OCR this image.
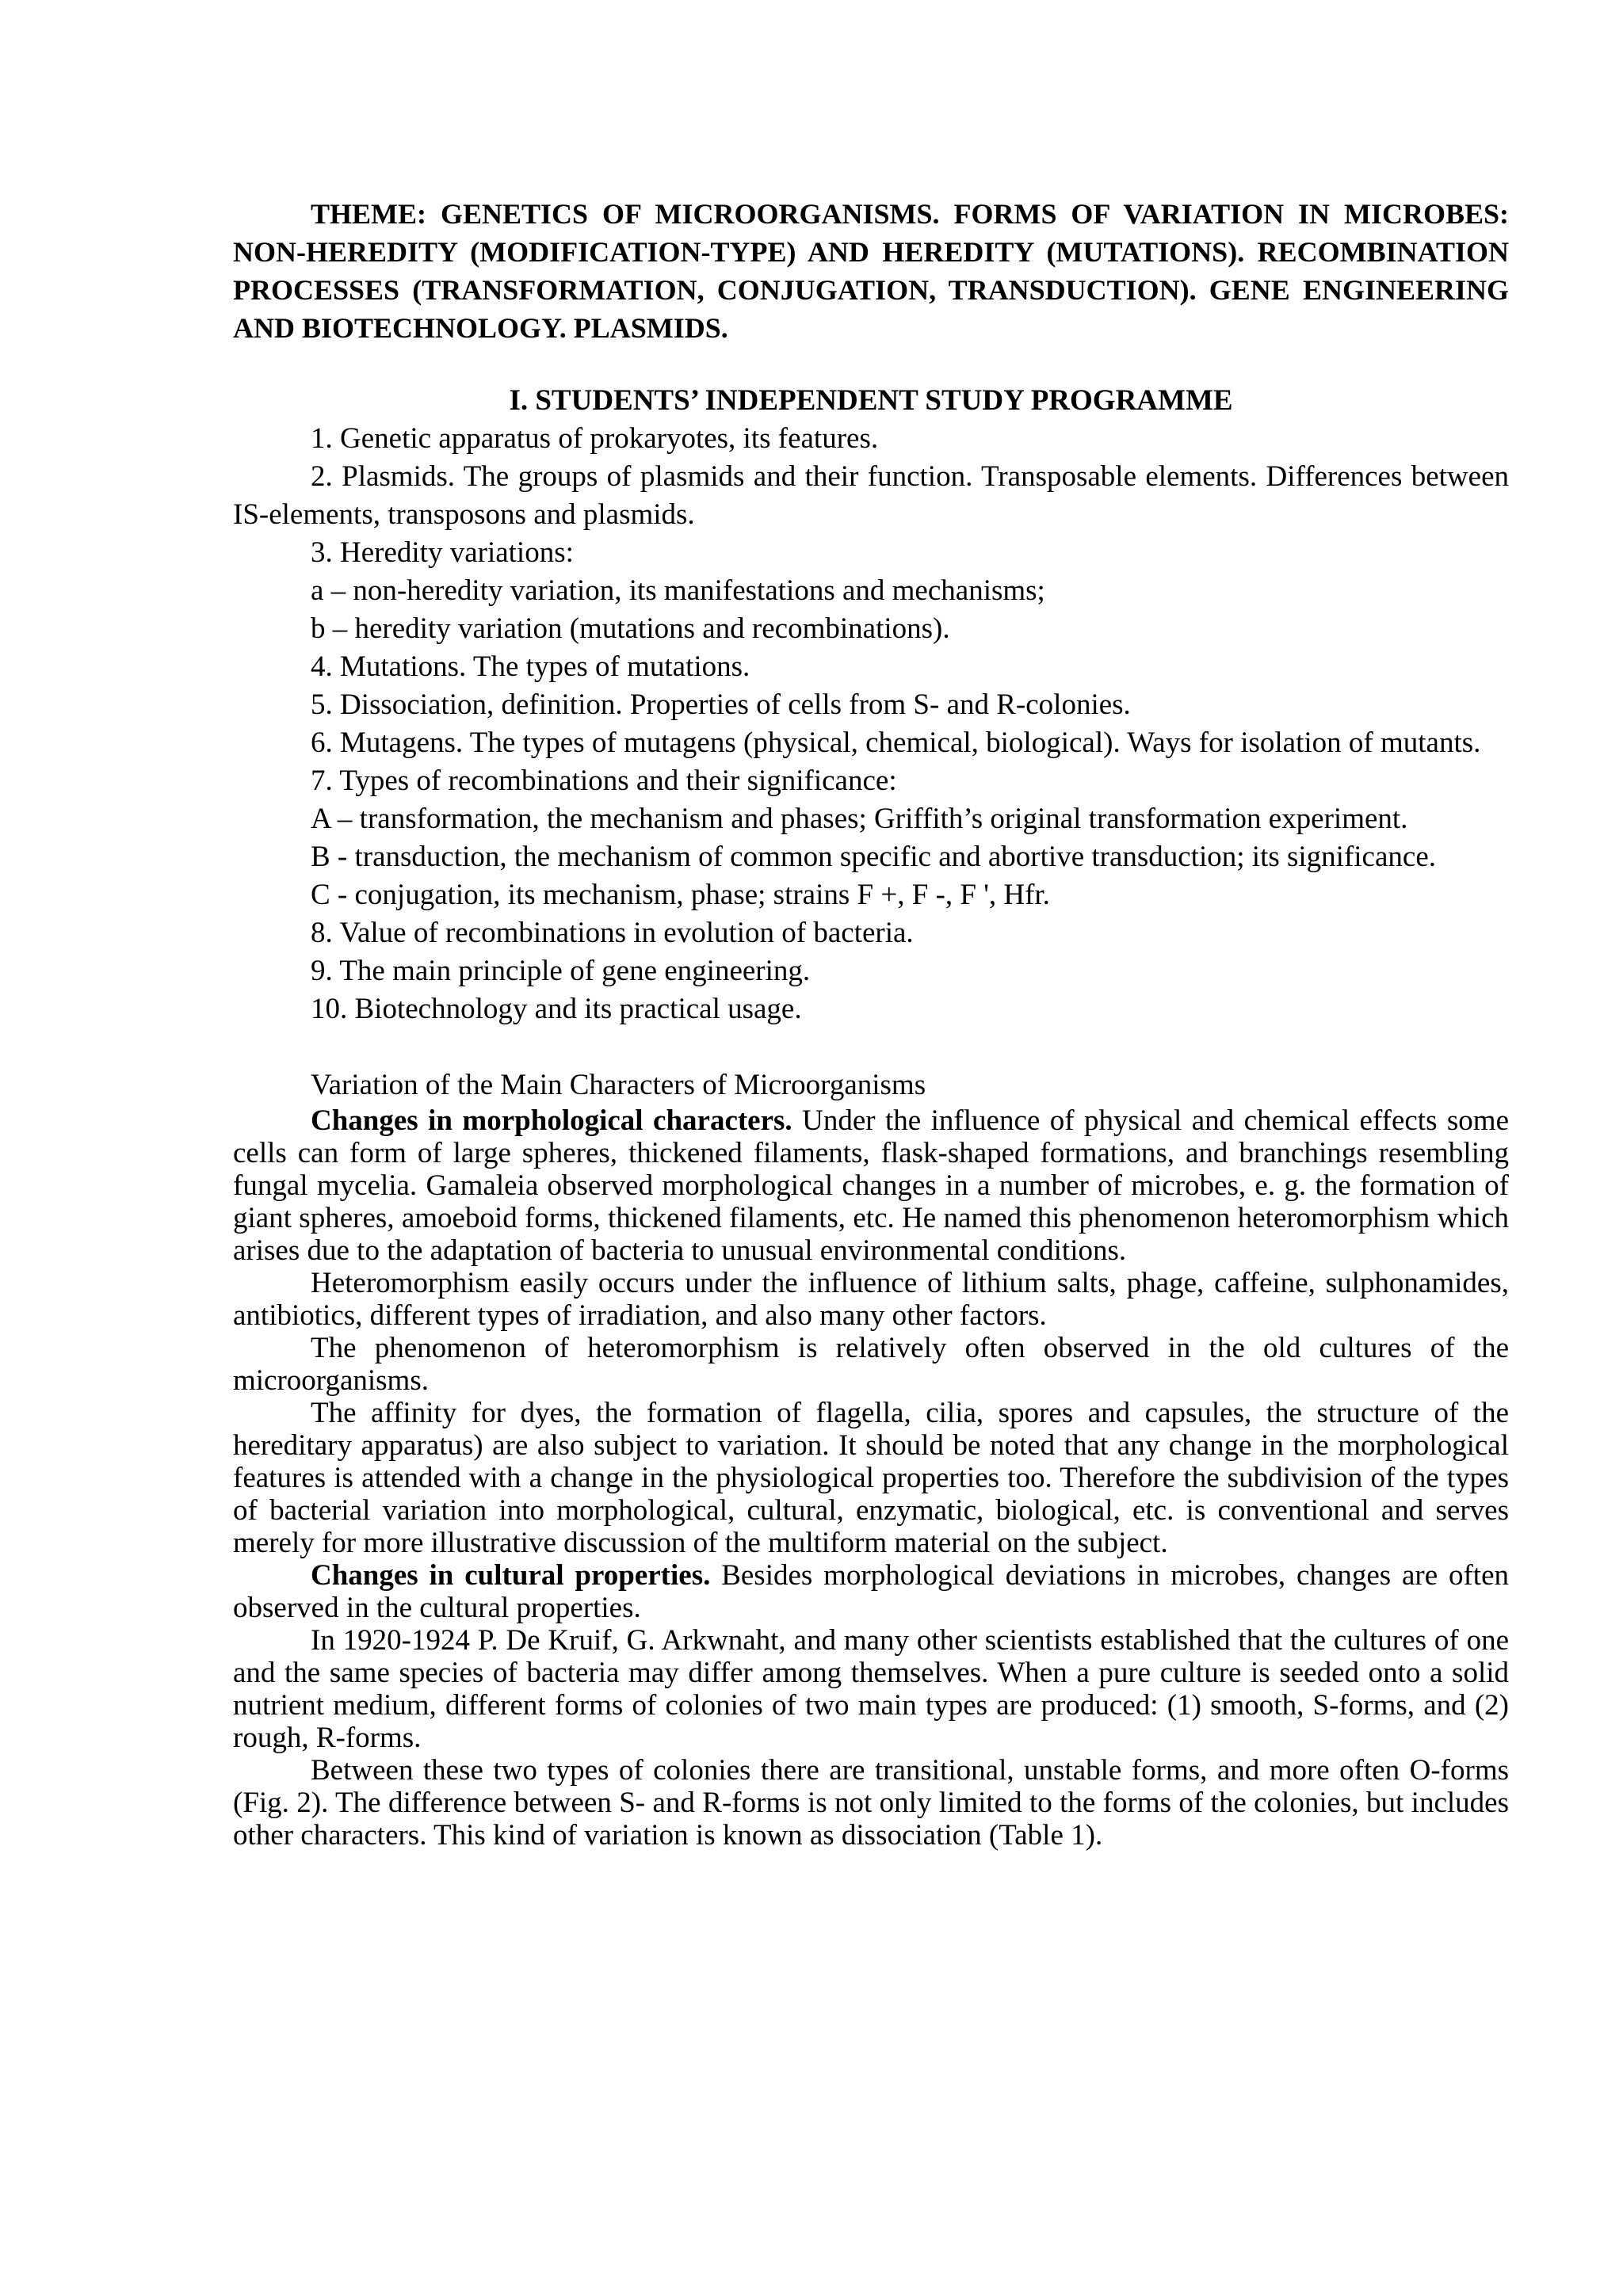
THEME: GENETICS OF MICROORGANISMS. FORMS OF VARIATION IN MICROBES: NON-HEREDITY (MODIFICATION-TYPE) AND HEREDITY (MUTATIONS). RECOMBINATION PROCESSES (TRANSFORMATION, CONJUGATION, TRANSDUCTION). GENE ENGINEERING AND BIOTECHNOLOGY. PLASMIDS.

I. STUDENTS’ INDEPENDENT STUDY PROGRAMME

1. Genetic apparatus of prokaryotes, its features.

2. Plasmids. The groups of plasmids and their function. Transposable elements. Differences between IS-elements, transposons and plasmids.

3. Heredity variations:

a – non-heredity variation, its manifestations and mechanisms;

b – heredity variation (mutations and recombinations).

4. Mutations. The types of mutations.

5. Dissociation, definition. Properties of cells from S- and R-colonies.

6. Mutagens. The types of mutagens (physical, chemical, biological). Ways for isolation of mutants.

7. Types of recombinations and their significance:

A – transformation, the mechanism and phases; Griffith’s original transformation experiment.

B - transduction, the mechanism of common specific and abortive transduction; its significance.

C - conjugation, its mechanism, phase; strains F +, F -, F ', Hfr.

8. Value of recombinations in evolution of bacteria.

9. The main principle of gene engineering.

10. Biotechnology and its practical usage.

Variation of the Main Characters of Microorganisms

Changes in morphological characters. Under the influence of physical and chemical effects some cells can form of large spheres, thickened filaments, flask-shaped formations, and branchings resembling fungal mycelia. Gamaleia observed morphological changes in a number of microbes, e. g. the formation of giant spheres, amoeboid forms, thickened filaments, etc. He named this phenomenon heteromorphism which arises due to the adaptation of bacteria to unusual environmental conditions.

Heteromorphism easily occurs under the influence of lithium salts, phage, caffeine, sulphonamides, antibiotics, different types of irradiation, and also many other factors.

The phenomenon of heteromorphism is relatively often observed in the old cultures of the microorganisms.

The affinity for dyes, the formation of flagella, cilia, spores and capsules, the structure of the hereditary apparatus) are also subject to variation. It should be noted that any change in the morphological features is attended with a change in the physiological properties too. Therefore the subdivision of the types of bacterial variation into morphological, cultural, enzymatic, biological, etc. is conventional and serves merely for more illustrative discussion of the multiform material on the subject.

Changes in cultural properties. Besides morphological deviations in microbes, changes are often observed in the cultural properties.

In 1920-1924 P. De Kruif, G. Arkwnaht, and many other scientists established that the cultures of one and the same species of bacteria may differ among themselves. When a pure culture is seeded onto a solid nutrient medium, different forms of colonies of two main types are produced: (1) smooth, S-forms, and (2) rough, R-forms.

Between these two types of colonies there are transitional, unstable forms, and more often O-forms (Fig. 2). The difference between S- and R-forms is not only limited to the forms of the colonies, but includes other characters. This kind of variation is known as dissociation (Table 1).
